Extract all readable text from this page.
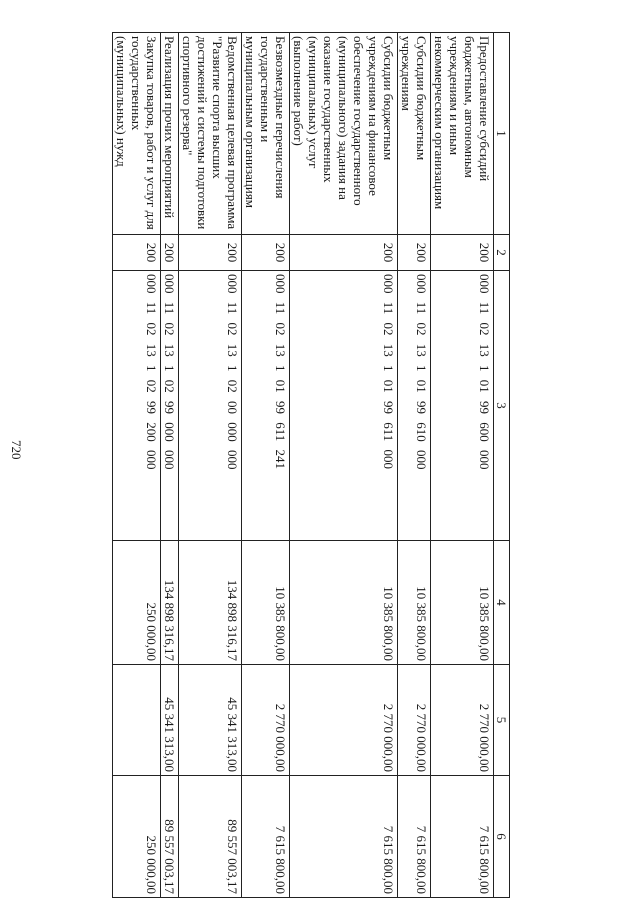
720
1	2	3	4	5	6
Предоставление субсидий бюджетным, автономным учреждениям и иным некоммерческим организациям	200	000 11 02 13 1 01 99 600 000	10 385 800,00	2 770 000,00	7 615 800,00
Субсидии бюджетным учреждениям	200	000 11 02 13 1 01 99 610 000	10 385 800,00	2 770 000,00	7 615 800,00
Субсидии бюджетным учреждениям на финансовое обеспечение государственного (муниципального) задания на оказание государственных (муниципальных) услуг (выполнение работ)	200	000 11 02 13 1 01 99 611 000	10 385 800,00	2 770 000,00	7 615 800,00
Безвозмездные перечисления государственным и муниципальным организациям	200	000 11 02 13 1 01 99 611 241	10 385 800,00	2 770 000,00	7 615 800,00
Ведомственная целевая программа "Развитие спорта высших достижений и системы подготовки спортивного резерва"	200	000 11 02 13 1 02 00 000 000	134 898 316,17	45 341 313,00	89 557 003,17
Реализация прочих мероприятий	200	000 11 02 13 1 02 99 000 000	134 898 316,17	45 341 313,00	89 557 003,17
Закупка товаров, работ и услуг для государственных (муниципальных) нужд	200	000 11 02 13 1 02 99 200 000	250 000,00		250 000,00
